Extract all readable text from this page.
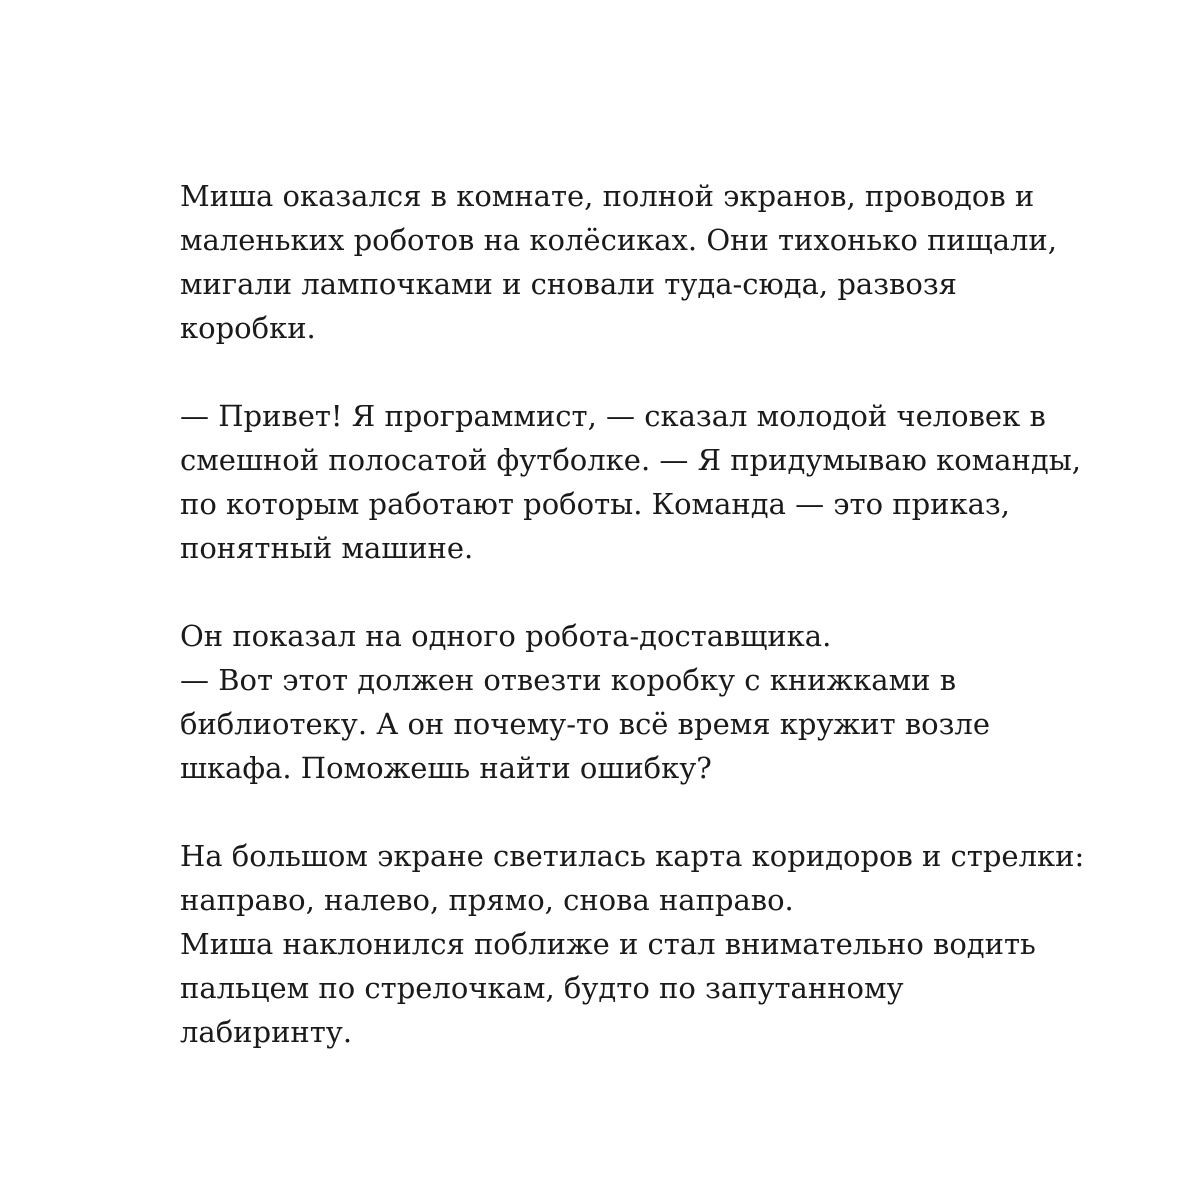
Миша оказался в комнате, полной экранов, проводов и
маленьких роботов на колёсиках. Они тихонько пищали,
мигали лампочками и сновали туда-сюда, развозя
коробки.

— Привет! Я программист, — сказал молодой человек в
смешной полосатой футболке. — Я придумываю команды,
по которым работают роботы. Команда — это приказ,
понятный машине.

Он показал на одного робота-доставщика.
— Вот этот должен отвезти коробку с книжками в
библиотеку. А он почему-то всё время кружит возле
шкафа. Поможешь найти ошибку?

На большом экране светилась карта коридоров и стрелки:
направо, налево, прямо, снова направо.
Миша наклонился поближе и стал внимательно водить
пальцем по стрелочкам, будто по запутанному
лабиринту.
